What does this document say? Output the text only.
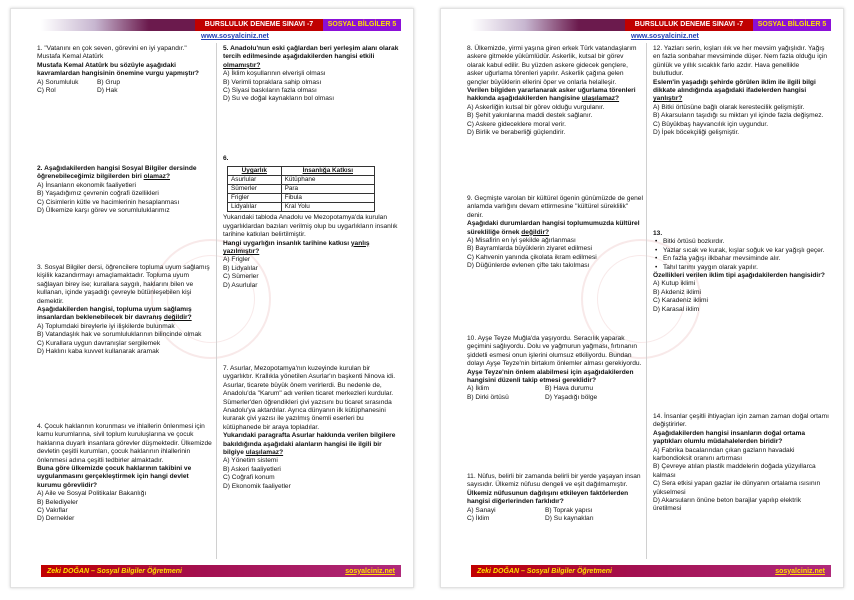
BURSLULUK DENEME SINAVI -7	SOSYAL BİLGİLER 5
www.sosyalciniz.net

1. "Vatanını en çok seven, görevini en iyi yapandır."

Mustafa Kemal Atatürk

Mustafa Kemal Atatürk bu sözüyle aşağıdaki kavramlardan hangisinin önemine vurgu yapmıştır?

A) Sorumluluk	B) Grup
C) Rol	D) Hak

2. Aşağıdakilerden hangisi Sosyal Bilgiler dersinde öğrenebileceğimiz bilgilerden biri olamaz?

A) İnsanların ekonomik faaliyetleri

B) Yaşadığımız çevrenin coğrafi özellikleri

C) Cisimlerin kütle ve hacimlerinin hesaplanması

D) Ülkemize karşı görev ve sorumluluklarımız

3. Sosyal Bilgiler dersi, öğrencilere topluma uyum sağlamış kişilik kazandırmayı amaçlamaktadır. Topluma uyum sağlayan birey ise; kurallara saygılı, haklarını bilen ve kullanan, içinde yaşadığı çevreyle bütünleşebilen kişi demektir.

Aşağıdakilerden hangisi, topluma uyum sağlamış insanlardan beklenebilecek bir davranış değildir?

A) Toplumdaki bireylerle iyi ilişkilerde bulunmak

B) Vatandaşlık hak ve sorumluluklarının bilincinde olmak

C) Kurallara uygun davranışlar sergilemek

D) Haklını kaba kuvvet kullanarak aramak

4. Çocuk haklarının korunması ve ihlallerin önlenmesi için kamu kurumlarına, sivil toplum kuruluşlarına ve çocuk haklarına duyarlı insanlara görevler düşmektedir. Ülkemizde devletin çeşitli kurumları, çocuk haklarının ihlallerinin önlenmesi adına çeşitli tedbirler almaktadır.

Buna göre ülkemizde çocuk haklarının takibini ve uygulanmasını gerçekleştirmek için hangi devlet kurumu görevlidir?

A) Aile ve Sosyal Politikalar Bakanlığı

B) Belediyeler

C) Vakıflar

D) Dernekler

5. Anadolu'nun eski çağlardan beri yerleşim alanı olarak tercih edilmesinde aşağıdakilerden hangisi etkili olmamıştır?

A) İklim koşullarının elverişli olması

B) Verimli topraklara sahip olması

C) Siyasi baskıların fazla olması

D) Su ve doğal kaynakların bol olması

6.

Uygarlık	İnsanlığa Katkısı
Asurlular	Kütüphane
Sümerler	Para
Frigler	Fibula
Lidyalılar	Kral Yolu

Yukarıdaki tabloda Anadolu ve Mezopotamya'da kurulan uygarlıklardan bazıları verilmiş olup bu uygarlıkların insanlık tarihine katkıları belirtilmiştir.

Hangi uygarlığın insanlık tarihine katkısı yanlış yazılmıştır?

A) Frigler

B) Lidyalılar

C) Sümerler

D) Asurlular

7. Asurlar, Mezopotamya'nın kuzeyinde kurulan bir uygarlıktır. Krallıkla yönetilen Asurlar'ın başkenti Ninova idi. Asurlar, ticarete büyük önem verirlerdi. Bu nedenle de, Anadolu'da "Karum" adı verilen ticaret merkezleri kurdular. Sümerler'den öğrendikleri çivi yazısını bu ticaret sırasında Anadolu'ya aktardılar. Ayrıca dünyanın ilk kütüphanesini kurarak çivi yazısı ile yazılmış önemli eserleri bu kütüphanede bir araya topladılar.

Yukarıdaki paragrafta Asurlar hakkında verilen bilgilere bakıldığında aşağıdaki alanların hangisi ile ilgili bir bilgiye ulaşılamaz?

A) Yönetim sistemi

B) Askeri faaliyetleri

C) Coğrafi konum

D) Ekonomik faaliyetler

Zeki DOĞAN – Sosyal Bilgiler Öğretmeni	sosyalciniz.net
BURSLULUK DENEME SINAVI -7	SOSYAL BİLGİLER 5
www.sosyalciniz.net

8. Ülkemizde, yirmi yaşına giren erkek Türk vatandaşlarım askere gitmekle yükümlüdür. Askerlik, kutsal bir görev olarak kabul edilir. Bu yüzden askere gidecek gençlere, asker uğurlama törenleri yapılır. Askerlik çağına gelen gençler büyüklerin ellerini öper ve onlarla helalleşir.

Verilen bilgiden yararlanarak asker uğurlama törenleri hakkında aşağıdakilerden hangisine ulaşılamaz?

A) Askerliğin kutsal bir görev olduğu vurgulanır.

B) Şehit yakınlarına maddi destek sağlanır.

C) Askere gideceklere moral verir.

D) Birlik ve beraberliği güçlendirir.

9. Geçmişte varolan bir kültürel ögenin günümüzde de genel anlamda varlığını devam ettirmesine "kültürel süreklilik" denir.

Aşağıdaki durumlardan hangisi toplumumuzda kültürel sürekliliğe örnek değildir?

A) Misafirin en iyi şekilde ağırlanması

B) Bayramlarda büyüklerin ziyaret edilmesi

C) Kahvenin yanında çikolata ikram edilmesi

D) Düğünlerde evlenen çifte takı takılması

10. Ayşe Teyze Muğla'da yaşıyordu. Seracılık yaparak geçimini sağlıyordu. Dolu ve yağmurun yağması, fırtınanın şiddetli esmesi onun işlerini olumsuz etkiliyordu. Bundan dolayı Ayşe Teyze'nin birtakım önlemler alması gerekiyordu.

Ayşe Teyze'nin önlem alabilmesi için aşağıdakilerden hangisini düzenli takip etmesi gereklidir?

A) İklim	B) Hava durumu
B) Dirki örtüsü	D) Yaşadığı bölge

11. Nüfus, belirli bir zamanda belirli bir yerde yaşayan insan sayısıdır. Ülkemiz nüfusu dengeli ve eşit dağılmamıştır.

Ülkemiz nüfusunun dağılışını etkileyen faktörlerden hangisi diğerlerinden farklıdır?

A) Sanayi	B) Toprak yapısı
C) İklim	D) Su kaynakları

12. Yazları serin, kışları ılık ve her mevsim yağışlıdır. Yağış en fazla sonbahar mevsiminde düşer. Nem fazla olduğu için günlük ve yıllık sıcaklık farkı azdır. Hava genellikle bulutludur.

Eslem'in yaşadığı şehirde görülen iklim ile ilgili bilgi dikkate alındığında aşağıdaki ifadelerden hangisi yanlıştır?

A) Bitki örtüsüne bağlı olarak kerestecilik gelişmiştir.

B) Akarsuların taşıdığı su miktarı yıl içinde fazla değişmez.

C) Büyükbaş hayvancılık için uygundur.

D) İpek böcekçiliği gelişmiştir.

13.

• Bitki örtüsü bozkırdır.
• Yazlar sıcak ve kurak, kışlar soğuk ve kar yağışlı geçer.
• En fazla yağışı ilkbahar mevsiminde alır.
• Tahıl tarımı yaygın olarak yapılır.

Özellikleri verilen iklim tipi aşağıdakilerden hangisidir?

A) Kutup iklimi

B) Akdeniz iklimi

C) Karadeniz iklimi

D) Karasal iklim

14. İnsanlar çeşitli ihtiyaçları için zaman zaman doğal ortamı değiştirirler.

Aşağıdakilerden hangisi insanların doğal ortama yaptıkları olumlu müdahalelerden biridir?

A) Fabrika bacalarından çıkan gazların havadaki karbondioksit oranını artırması

B) Çevreye atılan plastik maddelerin doğada yüzyıllarca kalması

C) Sera etkisi yapan gazlar ile dünyanın ortalama ısısının yükselmesi

D) Akarsuların önüne beton barajlar yapılıp elektrik üretilmesi

Zeki DOĞAN – Sosyal Bilgiler Öğretmeni	sosyalciniz.net
